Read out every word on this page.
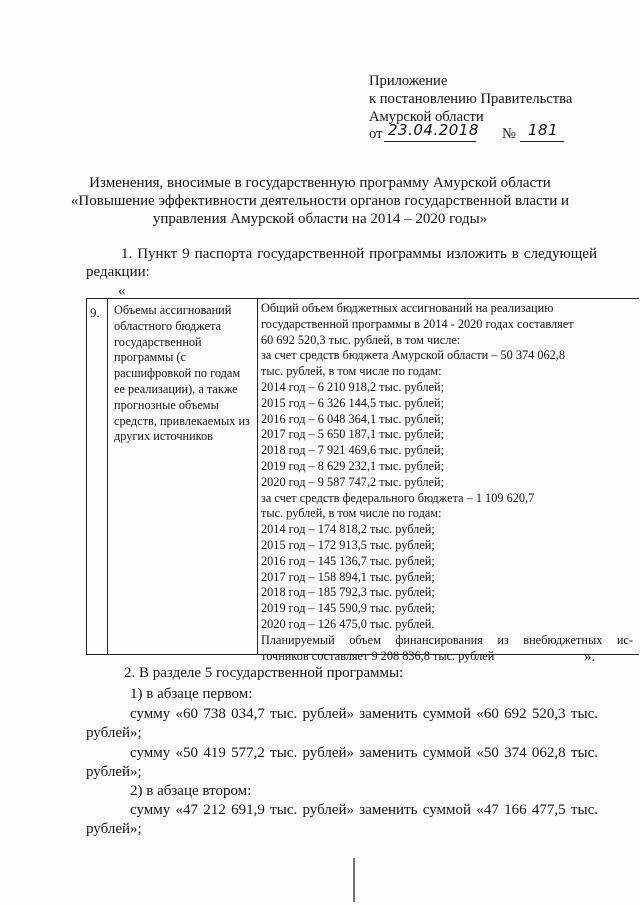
Приложение
к постановлению Правительства
Амурской области
от 23.04.2018 № 181
Изменения, вносимые в государственную программу Амурской области
«Повышение эффективности деятельности органов государственной власти и
управления Амурской области на 2014 – 2020 годы»
1. Пункт 9 паспорта государственной программы изложить в следующей
редакции:
«
9. Объемы ассигнований
областного бюджета
государственной
программы (с
расшифровкой по годам
ее реализации), а также
прогнозные объемы
средств, привлекаемых из
других источников
Общий объем бюджетных ассигнований на реализацию
государственной программы в 2014 - 2020 годах составляет
60 692 520,3 тыс. рублей, в том числе:
за счет средств бюджета Амурской области – 50 374 062,8
тыс. рублей, в том числе по годам:
2014 год – 6 210 918,2 тыс. рублей;
2015 год – 6 326 144,5 тыс. рублей;
2016 год – 6 048 364,1 тыс. рублей;
2017 год – 5 650 187,1 тыс. рублей;
2018 год – 7 921 469,6 тыс. рублей;
2019 год – 8 629 232,1 тыс. рублей;
2020 год – 9 587 747,2 тыс. рублей;
за счет средств федерального бюджета – 1 109 620,7
тыс. рублей, в том числе по годам:
2014 год – 174 818,2 тыс. рублей;
2015 год – 172 913,5 тыс. рублей;
2016 год – 145 136,7 тыс. рублей;
2017 год – 158 894,1 тыс. рублей;
2018 год – 185 792,3 тыс. рублей;
2019 год – 145 590,9 тыс. рублей;
2020 год – 126 475,0 тыс. рублей.
Планируемый объем финансирования из внебюджетных ис-
точников составляет 9 208 836,8 тыс. рублей	».
2. В разделе 5 государственной программы:
1) в абзаце первом:
сумму «60 738 034,7 тыс. рублей» заменить суммой «60 692 520,3 тыс.
рублей»;
сумму «50 419 577,2 тыс. рублей» заменить суммой «50 374 062,8 тыс.
рублей»;
2) в абзаце втором:
сумму «47 212 691,9 тыс. рублей» заменить суммой «47 166 477,5 тыс.
рублей»;
